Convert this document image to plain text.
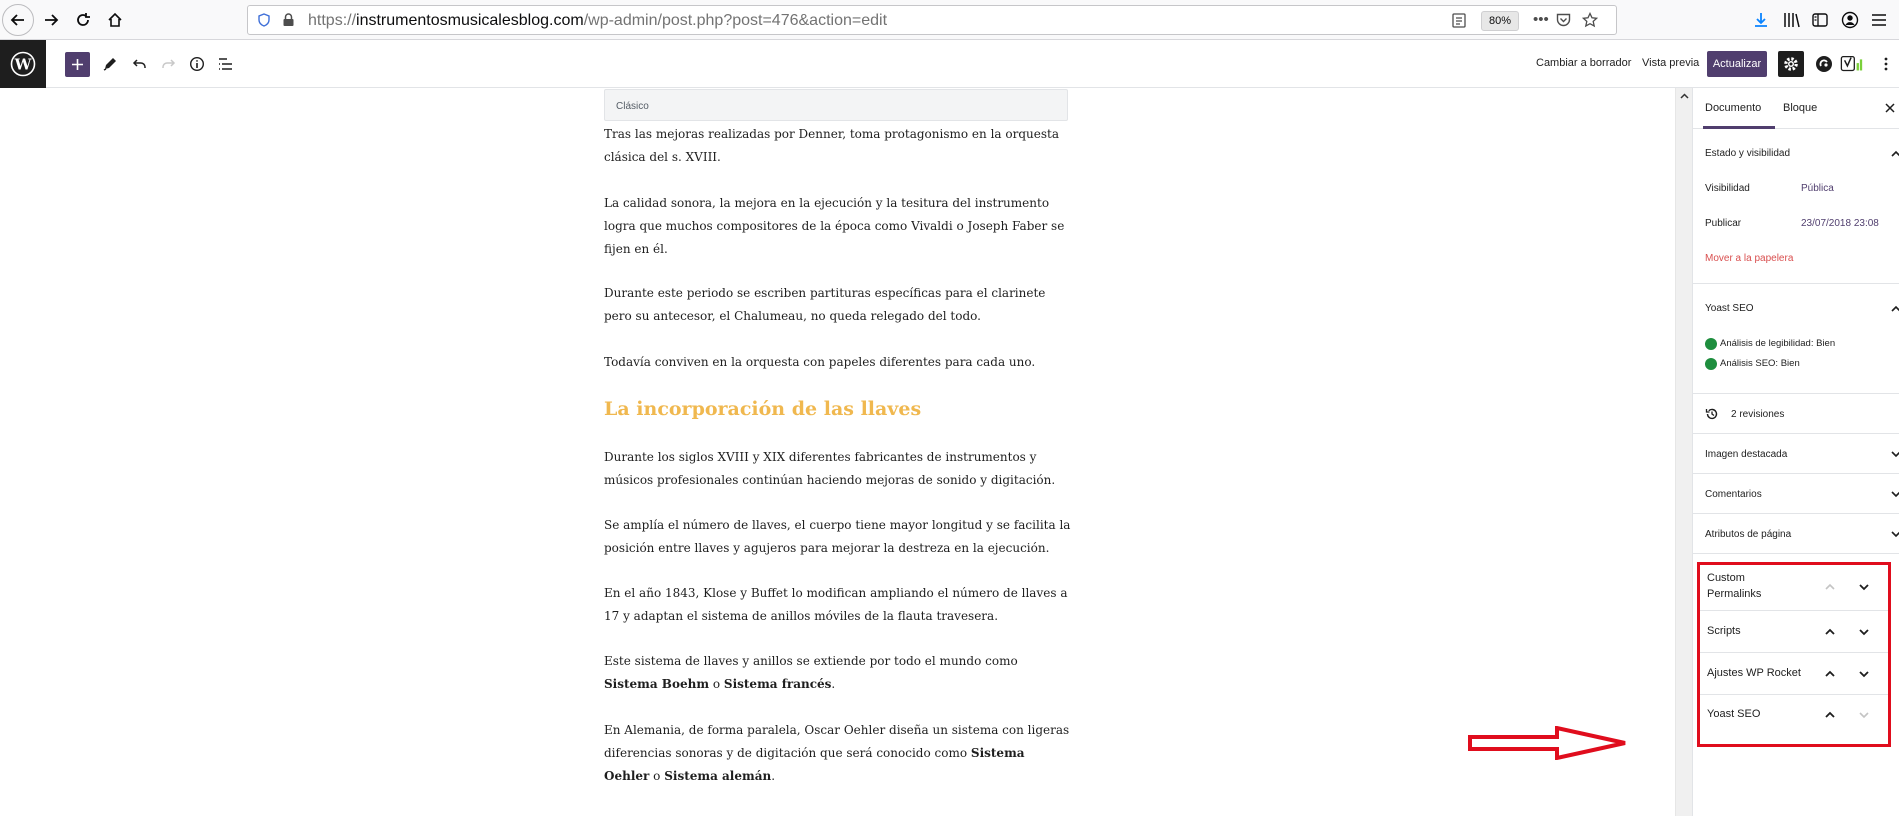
https://instrumentosmusicalesblog.com/wp-admin/post.php?post=476&action=edit	80%	•••
W	Cambiar a borrador Vista previa	Actualizar
Clásico

Tras las mejoras realizadas por Denner, toma protagonismo en la orquesta clásica del s. XVIII.

La calidad sonora, la mejora en la ejecución y la tesitura del instrumento logra que muchos compositores de la época como Vivaldi o Joseph Faber se fijen en él.

Durante este periodo se escriben partituras específicas para el clarinete pero su antecesor, el Chalumeau, no queda relegado del todo.

Todavía conviven en la orquesta con papeles diferentes para cada uno.

La incorporación de las llaves

Durante los siglos XVIII y XIX diferentes fabricantes de instrumentos y músicos profesionales continúan haciendo mejoras de sonido y digitación.

Se amplía el número de llaves, el cuerpo tiene mayor longitud y se facilita la posición entre llaves y agujeros para mejorar la destreza en la ejecución.

En el año 1843, Klose y Buffet lo modifican ampliando el número de llaves a 17 y adaptan el sistema de anillos móviles de la flauta travesera.

Este sistema de llaves y anillos se extiende por todo el mundo como Sistema Boehm o Sistema francés.

En Alemania, de forma paralela, Oscar Oehler diseña un sistema con ligeras diferencias sonoras y de digitación que será conocido como Sistema Oehler o Sistema alemán.

Documento Bloque
Estado y visibilidad
Visibilidad	Pública
Publicar	23/07/2018 23:08
Mover a la papelera
Yoast SEO
Análisis de legibilidad: Bien
Análisis SEO: Bien
2 revisiones
Imagen destacada
Comentarios
Atributos de página
Custom
Permalinks
Scripts
Ajustes WP Rocket
Yoast SEO
